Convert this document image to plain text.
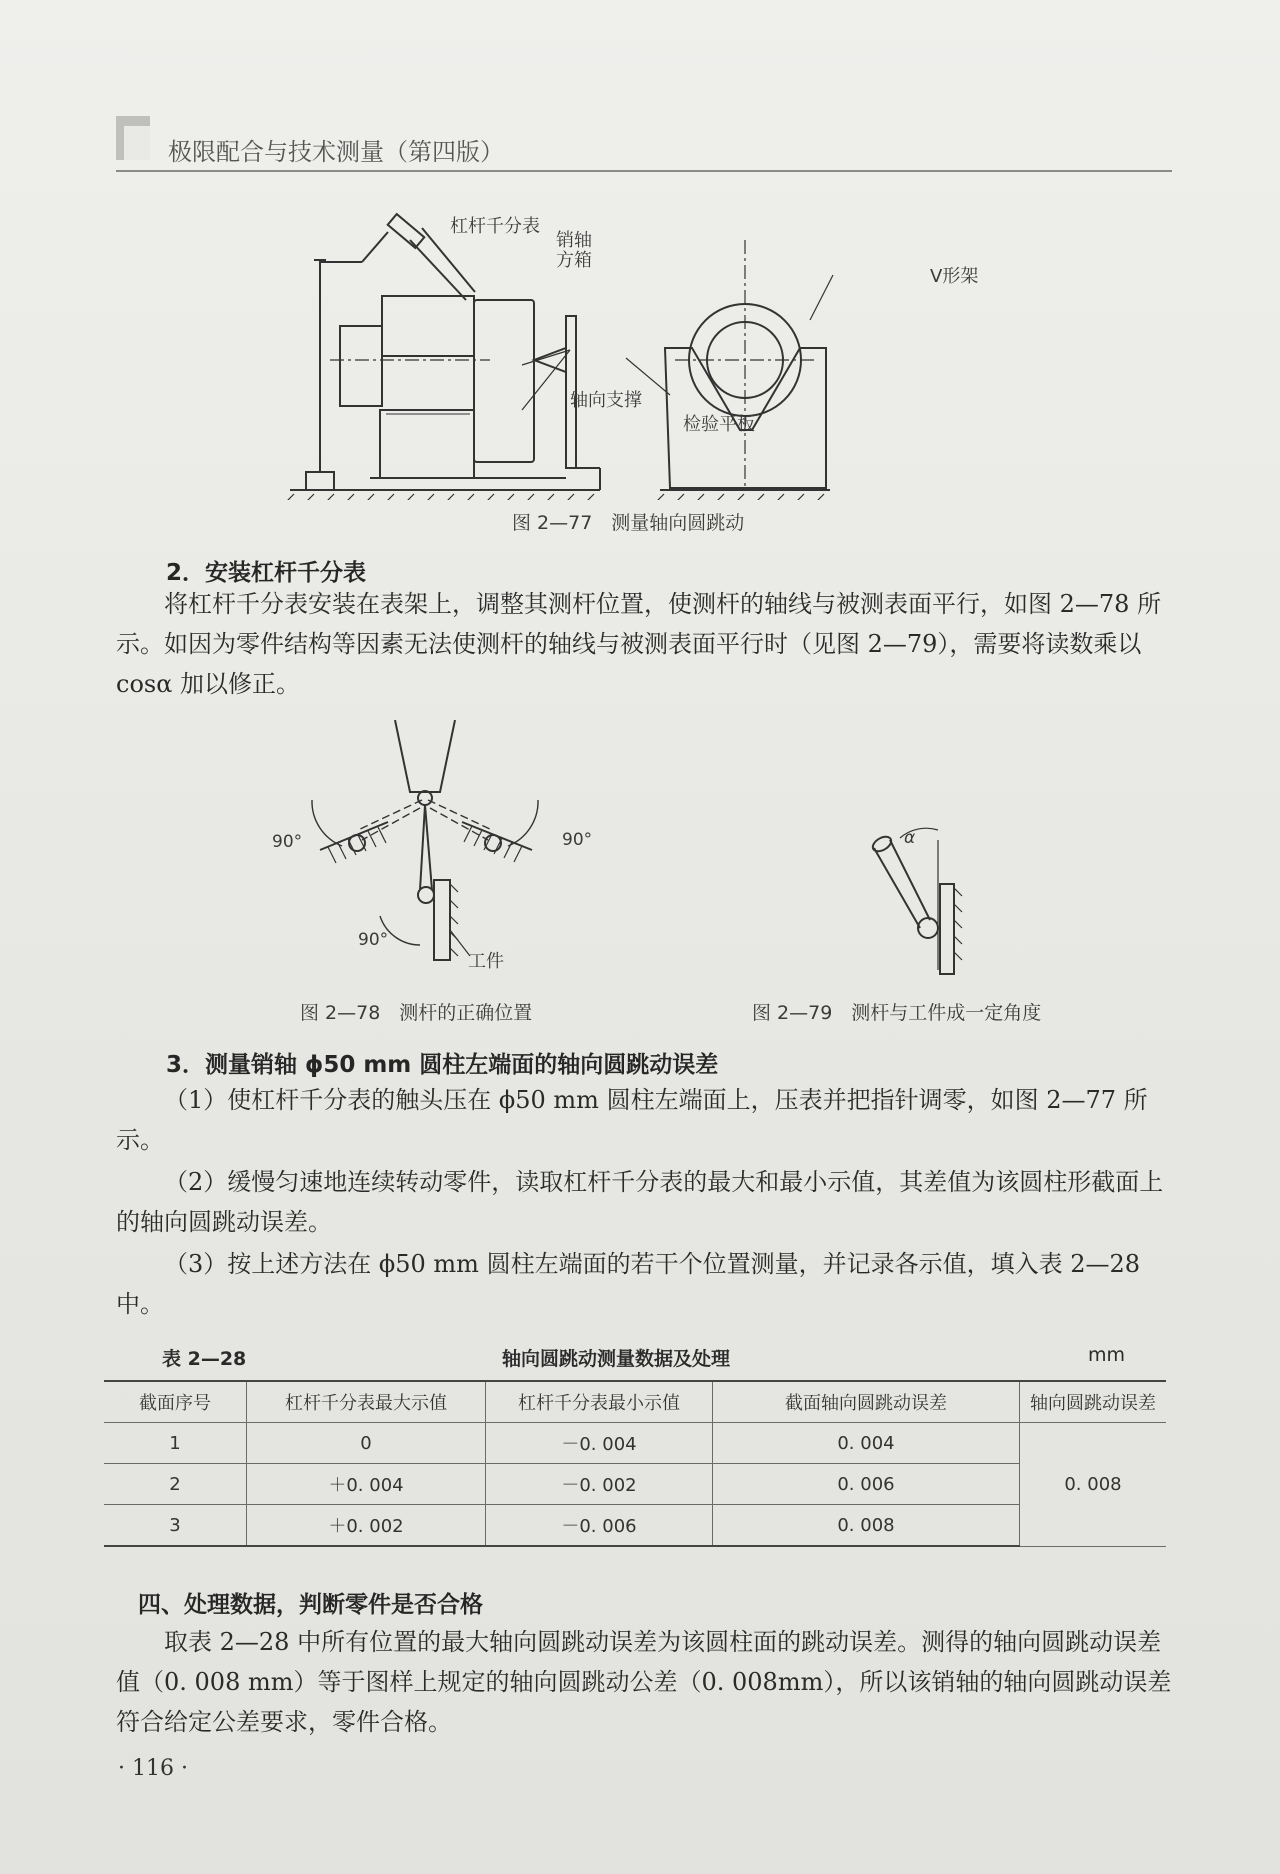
极限配合与技术测量（第四版）
杠杆千分表
销轴
方箱
轴向支撑
V形架
检验平板
图 2—77　测量轴向圆跳动
2．安装杠杆千分表
将杠杆千分表安装在表架上，调整其测杆位置，使测杆的轴线与被测表面平行，如图 2—78 所示。如因为零件结构等因素无法使测杆的轴线与被测表面平行时（见图 2—79），需要将读数乘以 cosα 加以修正。
90°	90°
90°
工件
图 2—78　测杆的正确位置
α
图 2—79　测杆与工件成一定角度
3．测量销轴 ϕ50 mm 圆柱左端面的轴向圆跳动误差
（1）使杠杆千分表的触头压在 ϕ50 mm 圆柱左端面上，压表并把指针调零，如图 2—77 所示。
（2）缓慢匀速地连续转动零件，读取杠杆千分表的最大和最小示值，其差值为该圆柱形截面上的轴向圆跳动误差。
（3）按上述方法在 ϕ50 mm 圆柱左端面的若干个位置测量，并记录各示值，填入表 2—28中。
表 2—28	轴向圆跳动测量数据及处理	mm
截面序号	杠杆千分表最大示值	杠杆千分表最小示值	截面轴向圆跳动误差	轴向圆跳动误差
1	0	－0. 004	0. 004	0. 008
2	＋0. 004	－0. 002	0. 006	
3	＋0. 002	－0. 006	0. 008	
四、处理数据，判断零件是否合格
取表 2—28 中所有位置的最大轴向圆跳动误差为该圆柱面的跳动误差。测得的轴向圆跳动误差值（0. 008 mm）等于图样上规定的轴向圆跳动公差（0. 008mm），所以该销轴的轴向圆跳动误差符合给定公差要求，零件合格。
· 116 ·
